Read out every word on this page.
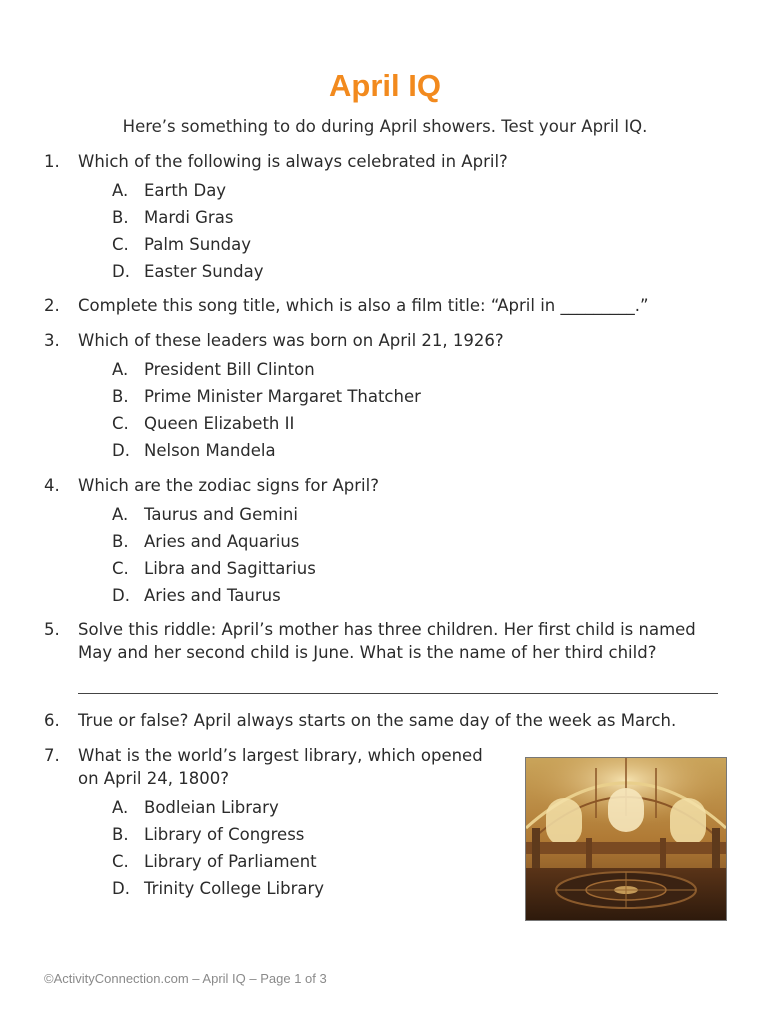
April IQ
Here’s something to do during April showers. Test your April IQ.
1.	Which of the following is always celebrated in April?
A. Earth Day
B. Mardi Gras
C. Palm Sunday
D. Easter Sunday
2.	Complete this song title, which is also a film title: “April in _________.”
3.	Which of these leaders was born on April 21, 1926?
A. President Bill Clinton
B. Prime Minister Margaret Thatcher
C. Queen Elizabeth II
D. Nelson Mandela
4.	Which are the zodiac signs for April?
A. Taurus and Gemini
B. Aries and Aquarius
C. Libra and Sagittarius
D. Aries and Taurus
5.	Solve this riddle: April’s mother has three children. Her first child is named
May and her second child is June. What is the name of her third child?
6.	True or false? April always starts on the same day of the week as March.
7.	What is the world’s largest library, which opened
on April 24, 1800?
A. Bodleian Library
B. Library of Congress
C. Library of Parliament
D. Trinity College Library
©ActivityConnection.com – April IQ – Page 1 of 3
